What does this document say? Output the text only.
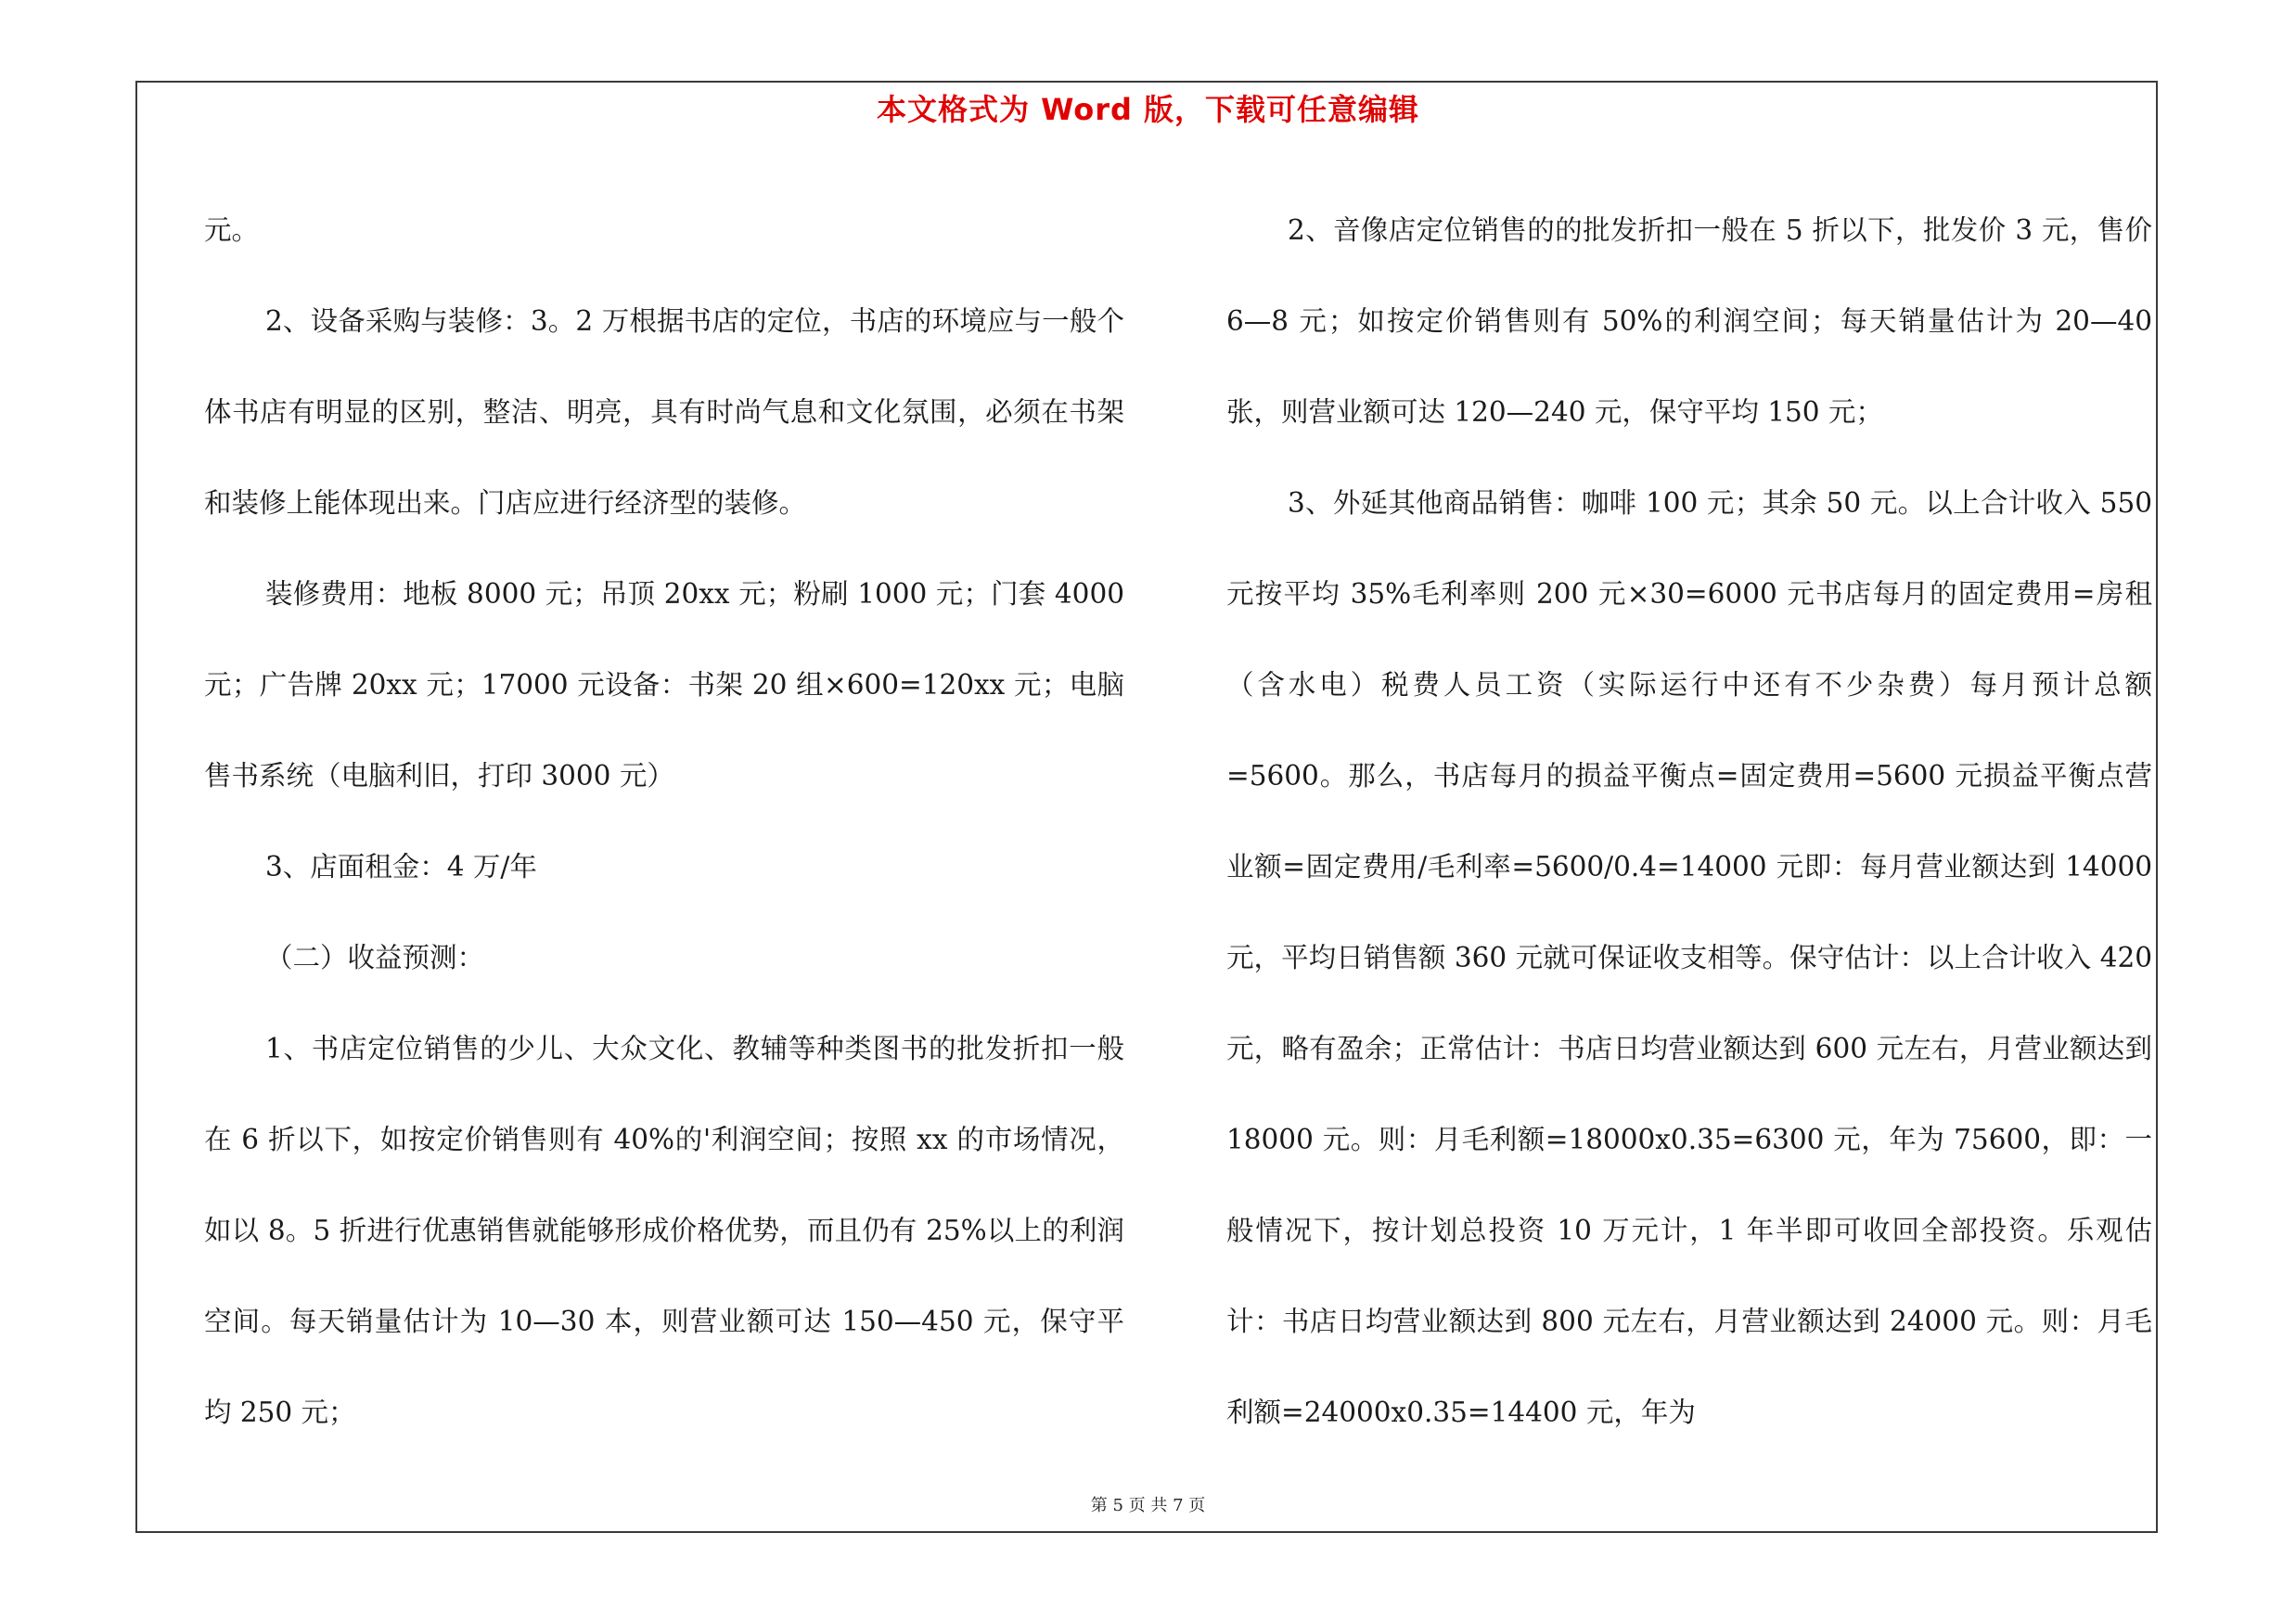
本文格式为 Word 版，下载可任意编辑

元。

2、设备采购与装修：3。2 万根据书店的定位，书店的环境应与一般个体书店有明显的区别，整洁、明亮，具有时尚气息和文化氛围，必须在书架和装修上能体现出来。门店应进行经济型的装修。

装修费用：地板 8000 元；吊顶 20xx 元；粉刷 1000 元；门套 4000 元；广告牌 20xx 元；17000 元设备：书架 20 组×600=120xx 元；电脑售书系统（电脑利旧，打印 3000 元）

3、店面租金：4 万/年

（二）收益预测：

1、书店定位销售的少儿、大众文化、教辅等种类图书的批发折扣一般在 6 折以下，如按定价销售则有 40%的'利润空间；按照 xx 的市场情况，如以 8。5 折进行优惠销售就能够形成价格优势，而且仍有 25%以上的利润空间。每天销量估计为 10—30 本，则营业额可达 150—450 元，保守平均 250 元；

2、音像店定位销售的的批发折扣一般在 5 折以下，批发价 3 元，售价 6—8 元；如按定价销售则有 50%的利润空间；每天销量估计为 20—40 张，则营业额可达 120—240 元，保守平均 150 元；

3、外延其他商品销售：咖啡 100 元；其余 50 元。以上合计收入 550 元按平均 35%毛利率则 200 元×30=6000 元书店每月的固定费用=房租（含水电）税费人员工资（实际运行中还有不少杂费）每月预计总额=5600。那么，书店每月的损益平衡点=固定费用=5600 元损益平衡点营业额=固定费用/毛利率=5600/0.4=14000 元即：每月营业额达到 14000 元，平均日销售额 360 元就可保证收支相等。保守估计：以上合计收入 420 元，略有盈余；正常估计：书店日均营业额达到 600 元左右，月营业额达到 18000 元。则：月毛利额=18000x0.35=6300 元，年为 75600，即：一般情况下，按计划总投资 10 万元计，1 年半即可收回全部投资。乐观估计：书店日均营业额达到 800 元左右，月营业额达到 24000 元。则：月毛利额=24000x0.35=14400 元，年为

第 5 页 共 7 页
